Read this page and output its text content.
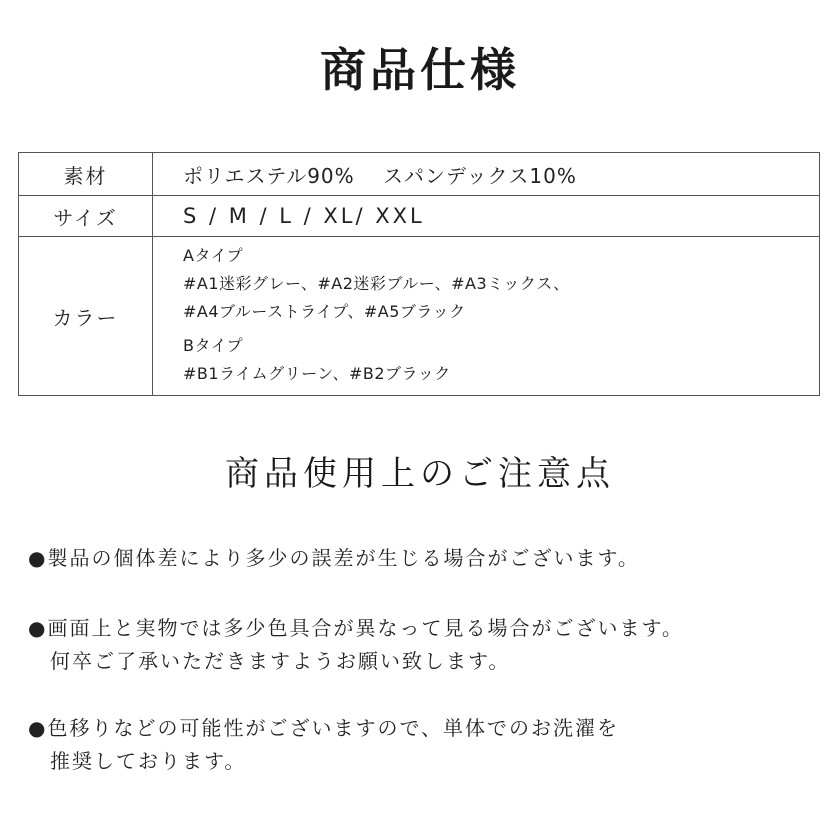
商品仕様
素材	ポリエステル90%　 スパンデックス10%
サイズ	S / M / L / XL/ XXL
カラー	Aタイプ
#A1迷彩グレー、#A2迷彩ブルー、#A3ミックス、
#A4ブルーストライプ、#A5ブラック
Bタイプ
#B1ライムグリーン、#B2ブラック
商品使用上のご注意点
●製品の個体差により多少の誤差が生じる場合がございます。
●画面上と実物では多少色具合が異なって見る場合がございます。
何卒ご了承いただきますようお願い致します。
●色移りなどの可能性がございますので、単体でのお洗濯を
推奨しております。
